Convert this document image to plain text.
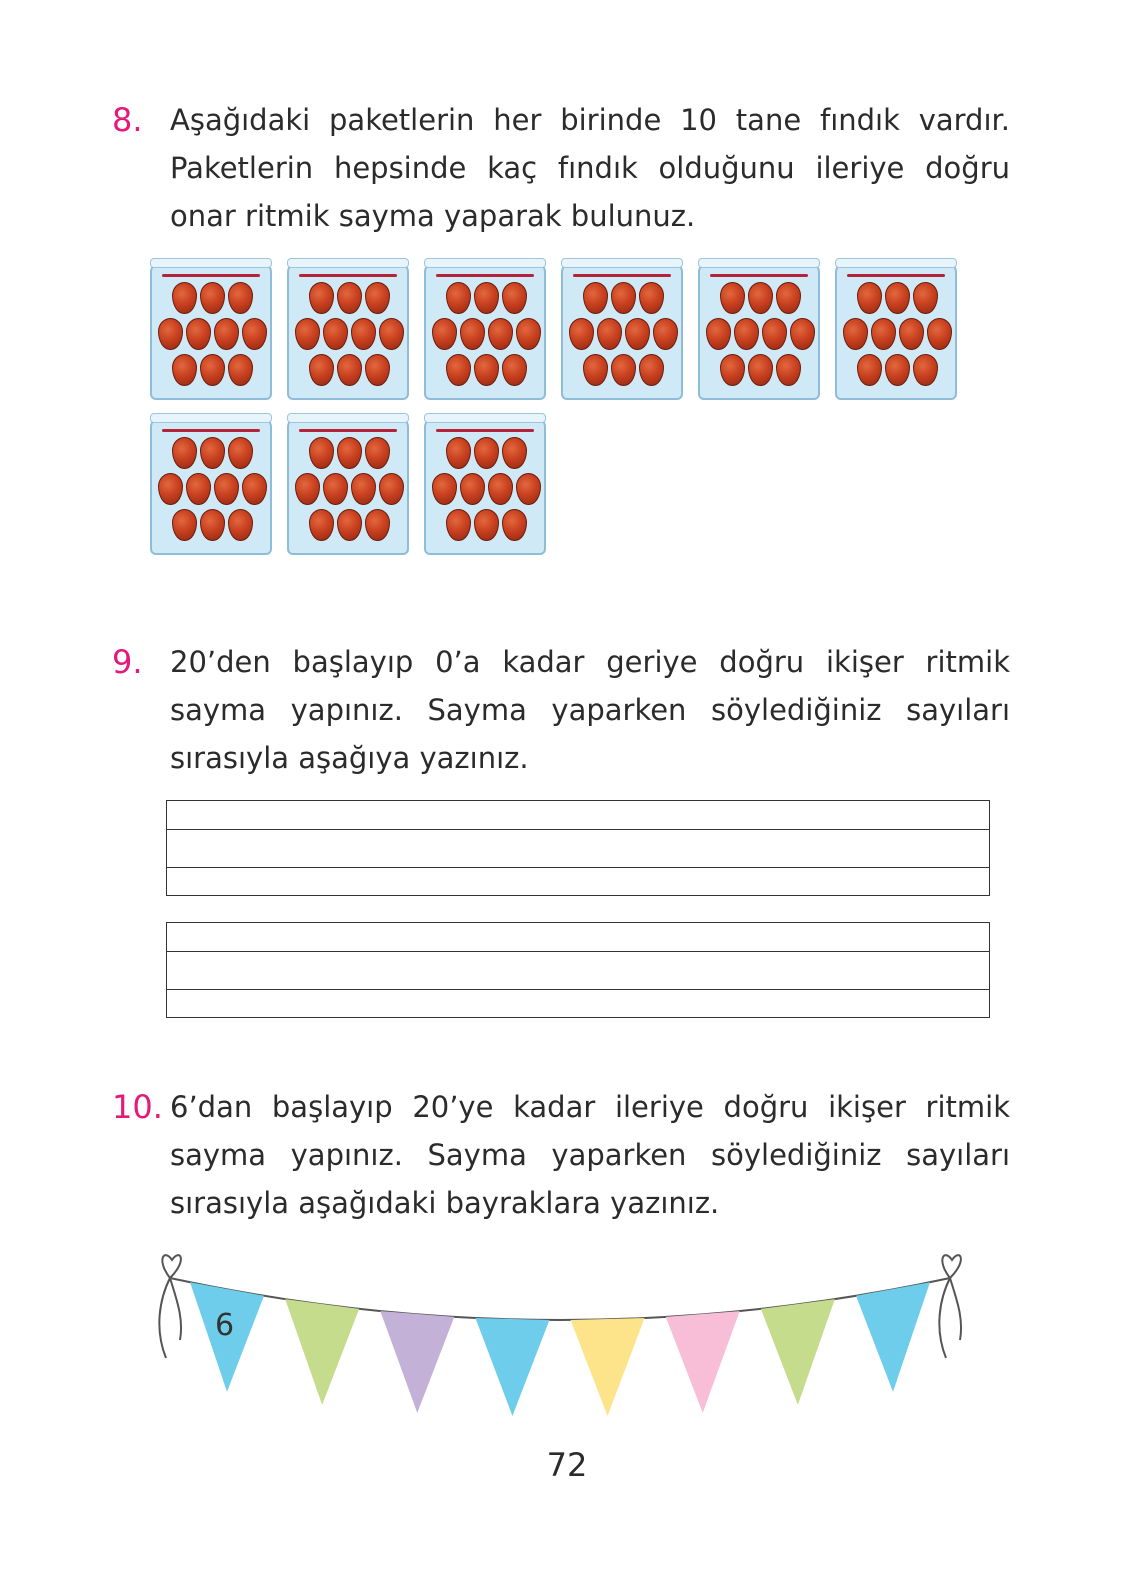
8. Aşağıdaki paketlerin her birinde 10 tane fındık vardır. Paketlerin hepsinde kaç fındık olduğunu ileriye doğru onar ritmik sayma yaparak bulunuz.
9. 20’den başlayıp 0’a kadar geriye doğru ikişer ritmik sayma yapınız. Sayma yaparken söylediğiniz sayıları sırasıyla aşağıya yazınız.
10. 6’dan başlayıp 20’ye kadar ileriye doğru ikişer ritmik sayma yapınız. Sayma yaparken söylediğiniz sayıları sırasıyla aşağıdaki bayraklara yazınız.
6
72
